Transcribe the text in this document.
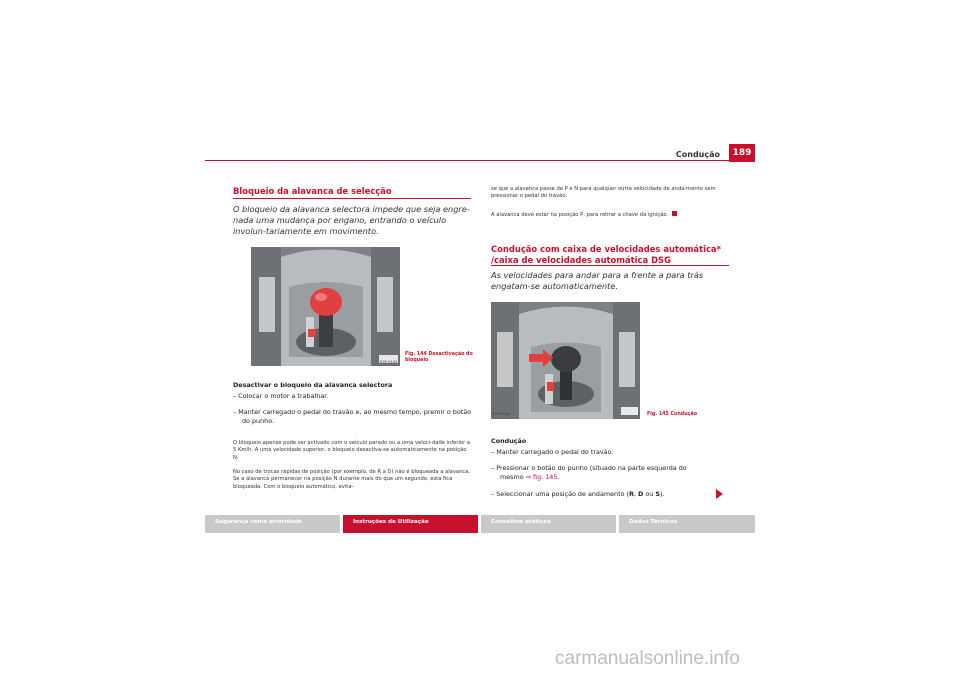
Condução	189
Bloqueio da alavanca de selecção
O bloqueio da alavanca selectora impede que seja engre-nada uma mudança por engano, entrando o veículo involun-tariamente em movimento.
B5P-0445
Fig. 144 Desactivação do bloqueio
Desactivar o bloqueio da alavanca selectora
– Colocar o motor a trabalhar.
– Manter carregado o pedal do travão e, ao mesmo tempo, premir o botão do punho.
O bloqueio apenas pode ser activado com o veículo parado ou a uma veloci-dade inferior a 5 Km/h. A uma velocidade superior, o bloqueio desactiva-se automaticamente na posição N.
No caso de trocas rápidas de posição (por exemplo, de R a D) não é bloqueada a alavanca. Se a alavanca permanecer na posição N durante mais do que um segundo, esta fica bloqueada. Com o bloqueio automático, evita-
se que a alavanca passe de P e N para qualquer outra velocidade de anda-mento sem pressionar o pedal do travão.
A alavanca deve estar na posição P, para retirar a chave da ignição.
Condução com caixa de velocidades automática* /caixa de velocidades automática DSG
As velocidades para andar para a frente a para trás engatam-se automaticamente.
B5P-0444	Fig. 145 Condução
Condução
– Manter carregado o pedal do travão.
– Pressionar o botão do punho (situado na parte esquerda do
mesmo ⇒ fig. 145.
– Seleccionar uma posição de andamento (R, D ou S).
Segurança como prioridade	Instruções de Utilização	Conselhos práticos	Dados Técnicos
carmanualsonline.info
